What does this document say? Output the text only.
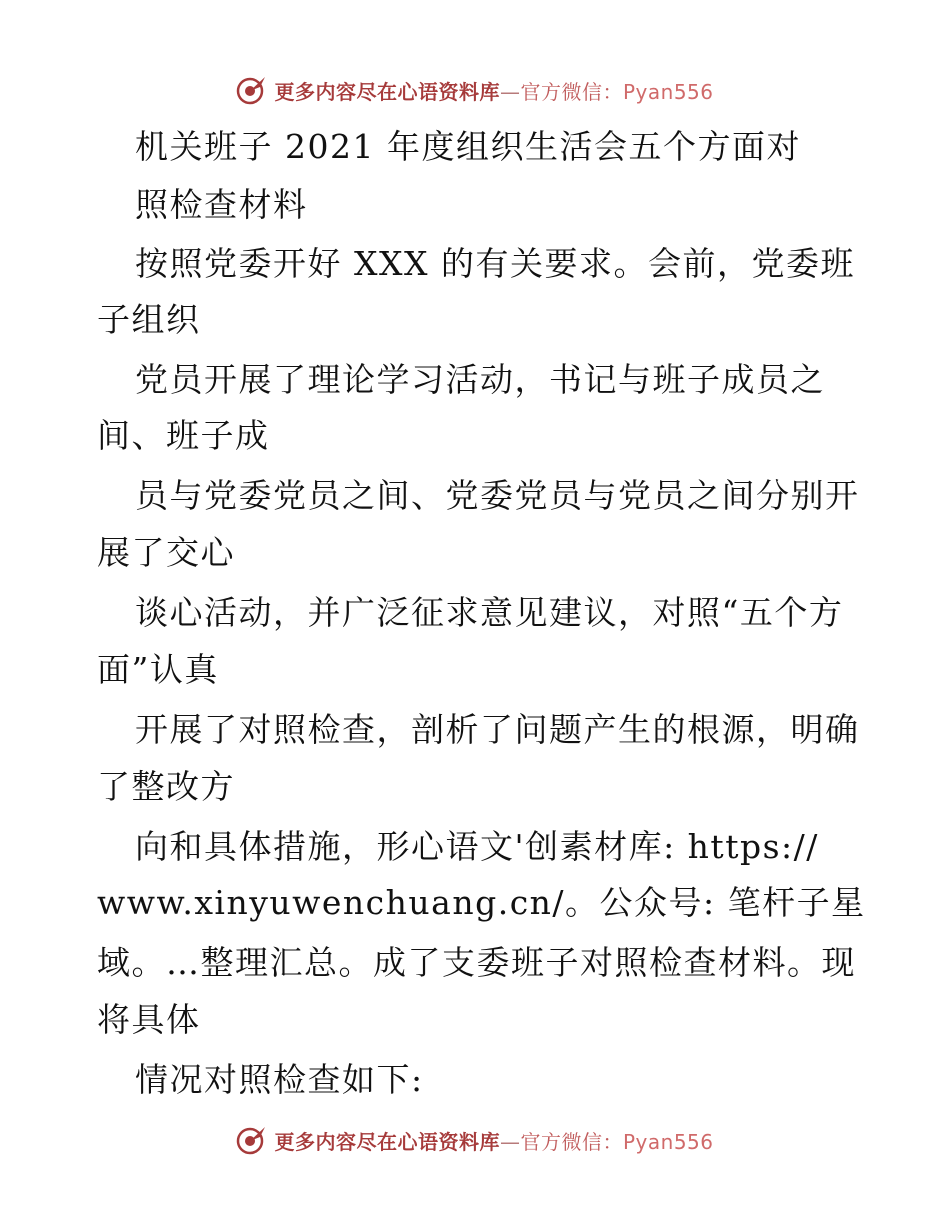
更多内容尽在心语资料库—官方微信：Pyan556
机关班子 2021 年度组织生活会五个方面对
照检查材料
按照党委开好 XXX 的有关要求。会前，党委班
子组织
党员开展了理论学习活动，书记与班子成员之
间、班子成
员与党委党员之间、党委党员与党员之间分别开
展了交心
谈心活动，并广泛征求意见建议，对照“五个方
面”认真
开展了对照检查，剖析了问题产生的根源，明确
了整改方
向和具体措施，形心语文'创素材库: https://
www.xinyuwenchuang.cn/。公众号: 笔杆子星
域。…整理汇总。成了支委班子对照检查材料。现
将具体
情况对照检查如下:
更多内容尽在心语资料库—官方微信：Pyan556
